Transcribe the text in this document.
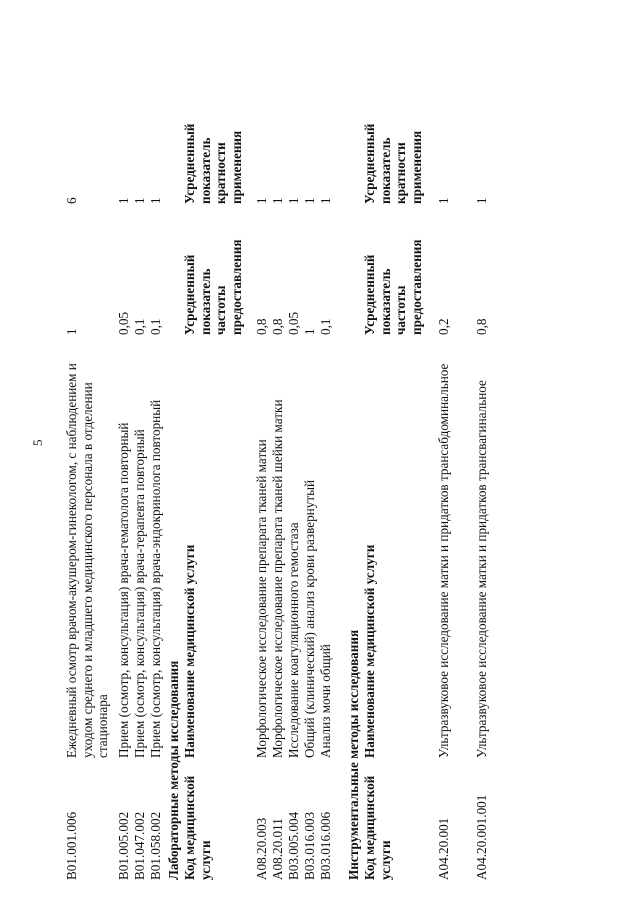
5
B01.001.006
Ежедневный осмотр врачом-акушером-гинекологом, с наблюдением и уходом среднего и младшего медицинского персонала в отделении стационара
1
6
B01.005.002
Прием (осмотр, консультация) врача-гематолога повторный
0,05
1
B01.047.002
Прием (осмотр, консультация) врача-терапевта повторный
0,1
1
B01.058.002
Прием (осмотр, консультация) врача-эндокринолога повторный
0,1
1
Лабораторные методы исследования Код медицинской услуги
Наименование медицинской услуги
Усредненный показатель частоты предоставления
Усредненный показатель кратности применения
A08.20.003
Морфологическое исследование препарата тканей матки
0,8
1
A08.20.011
Морфологическое исследование препарата тканей шейки матки
0,8
1
B03.005.004
Исследование коагуляционного гемостаза
0,05
1
B03.016.003
Общий (клинический) анализ крови развернутый
1
1
B03.016.006
Анализ мочи общий
0,1
1
Инструментальные методы исследования Код медицинской услуги
Наименование медицинской услуги
Усредненный показатель частоты предоставления
Усредненный показатель кратности применения
A04.20.001
Ультразвуковое исследование матки и придатков трансабдоминальное
0,2
1
A04.20.001.001
Ультразвуковое исследование матки и придатков трансвагинальное
0,8
1
